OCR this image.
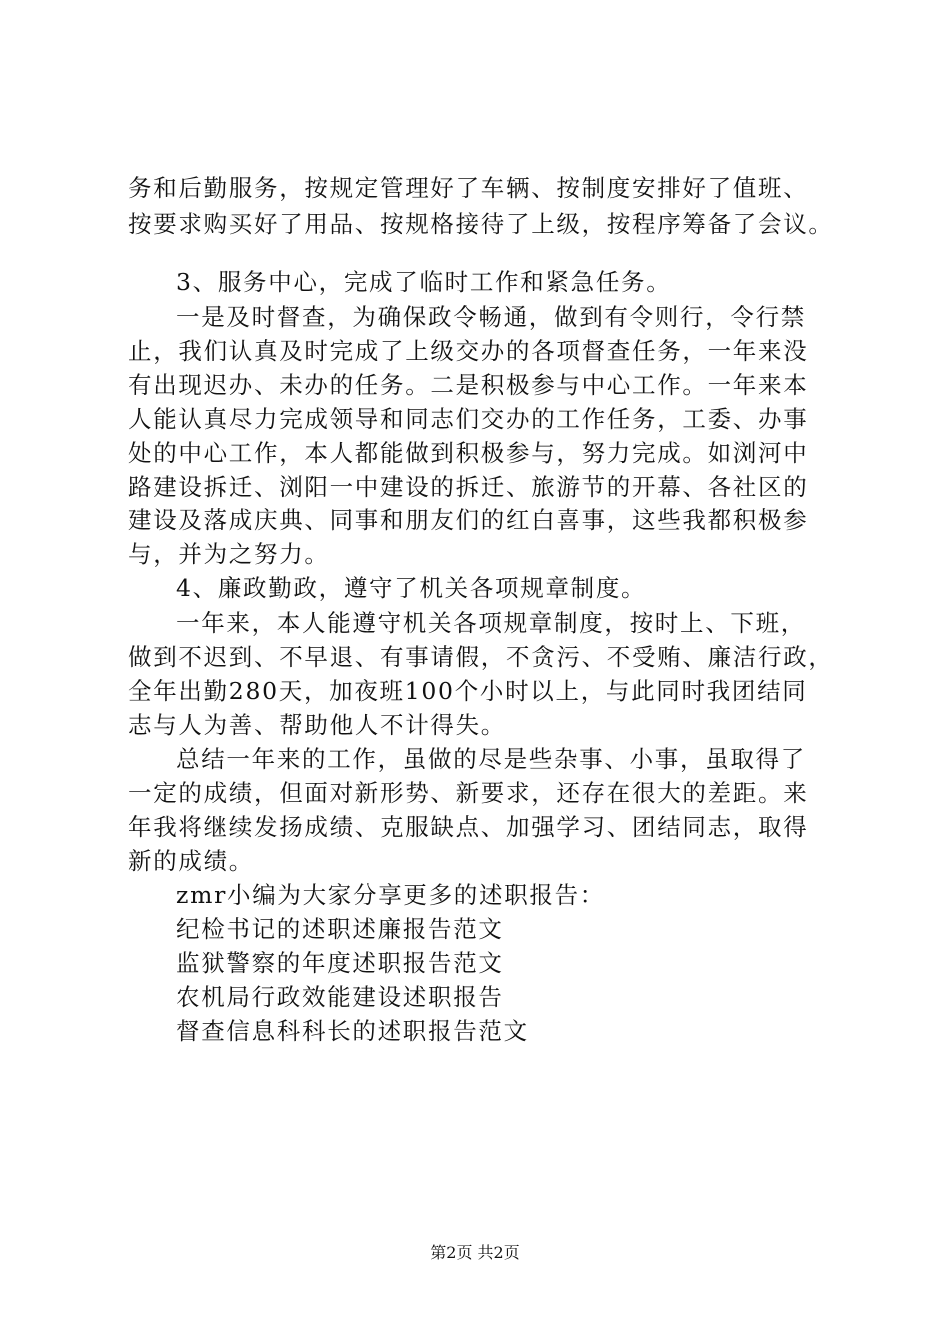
务和后勤服务，按规定管理好了车辆、按制度安排好了值班、
按要求购买好了用品、按规格接待了上级，按程序筹备了会议。
3、服务中心，完成了临时工作和紧急任务。
一是及时督查，为确保政令畅通，做到有令则行，令行禁
止，我们认真及时完成了上级交办的各项督查任务，一年来没
有出现迟办、未办的任务。二是积极参与中心工作。一年来本
人能认真尽力完成领导和同志们交办的工作任务，工委、办事
处的中心工作，本人都能做到积极参与，努力完成。如浏河中
路建设拆迁、浏阳一中建设的拆迁、旅游节的开幕、各社区的
建设及落成庆典、同事和朋友们的红白喜事，这些我都积极参
与，并为之努力。
4、廉政勤政，遵守了机关各项规章制度。
一年来，本人能遵守机关各项规章制度，按时上、下班，
做到不迟到、不早退、有事请假，不贪污、不受贿、廉洁行政，
全年出勤280天，加夜班100个小时以上，与此同时我团结同
志与人为善、帮助他人不计得失。
总结一年来的工作，虽做的尽是些杂事、小事，虽取得了
一定的成绩，但面对新形势、新要求，还存在很大的差距。来
年我将继续发扬成绩、克服缺点、加强学习、团结同志，取得
新的成绩。
zmr小编为大家分享更多的述职报告：
纪检书记的述职述廉报告范文
监狱警察的年度述职报告范文
农机局行政效能建设述职报告
督查信息科科长的述职报告范文
第2页 共2页
